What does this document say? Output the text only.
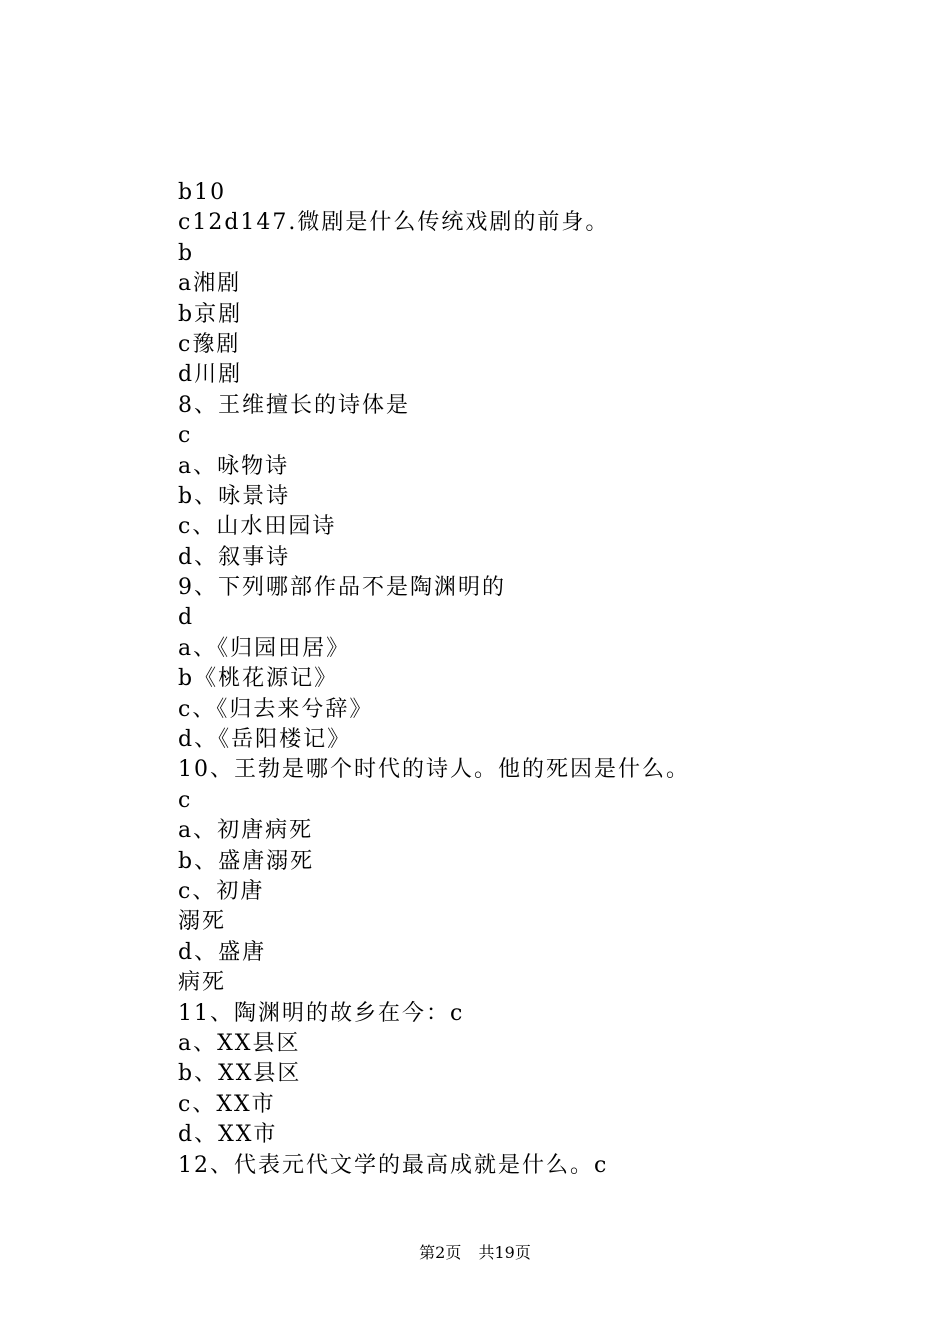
b10
c12d147.微剧是什么传统戏剧的前身。
b
a湘剧
b京剧
c豫剧
d川剧
8、王维擅长的诗体是
c
a、咏物诗
b、咏景诗
c、山水田园诗
d、叙事诗
9、下列哪部作品不是陶渊明的
d
a、《归园田居》
b《桃花源记》
c、《归去来兮辞》
d、《岳阳楼记》
10、王勃是哪个时代的诗人。他的死因是什么。
c
a、初唐病死
b、盛唐溺死
c、初唐
溺死
d、盛唐
病死
11、陶渊明的故乡在今：c
a、XX县区
b、XX县区
c、XX市
d、XX市
12、代表元代文学的最高成就是什么。c
第2页 共19页
